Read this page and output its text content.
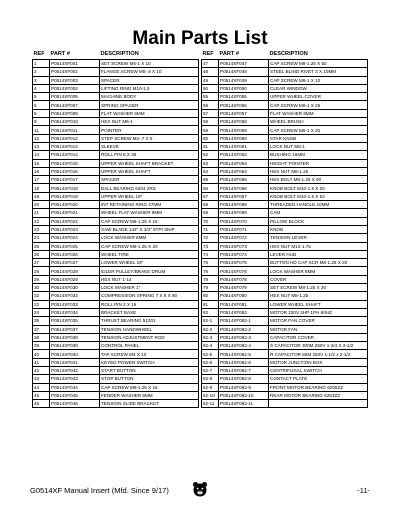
Main Parts List
REF	PART #	DESCRIPTION
1	P0514XF001	SET SCREW M6-1 X 10
2	P0514XF002	FLANGE SCREW M5-.8 X 10
3	P0514XF003	SPACER
4	P0514XF004	LIFTING RING M10-1.5
5	P0514XF005	MACHINE BODY
6	P0514XF007	SPRING SPACER
8	P0514XF008	FLAT WASHER 6MM
9	P0514XF010	HEX NUT M6-1
11	P0514XF011	POINTER
12	P0514XF012	STEP SCREW M4-.7 X 5
13	P0514XF013	SLEEVE
14	P0514XF014	ROLL PIN 5 X 36
15	P0514XF015	UPPER WHEEL SHAFT BRACKET
16	P0514XF016	UPPER WHEEL SHAFT
17	P0514XF017	SPACER
18	P0514XF018	BALL BEARING 6204 2RS
19	P0514XF019	UPPER WHEEL 19"
20	P0514XF020	INT RETAINING RING 47MM
21	P0514XF021	WHEEL FLAT WASHER 8MM
22	P0514XF022	CAP SCREW M8-1.25 X 16
23	P0514XF023	SAW BLADE 143" X 3/4" 6TPI SKIP
24	P0514XF024	LOCK WASHER 8MM
25	P0514XF025	CAP SCREW M8-1.25 X 20
26	P0514XF026	WHEEL TIRE
27	P0514XF027	LOWER WHEEL 19"
28	P0514XF028	IDLER PULLEY/BRAKE DRUM
29	P0514XF029	HEX NUT 1-14
30	P0514XF030	LOCK WASHER 1"
32	P0514XF032	COMPRESSION SPRING 7 X 8 X 90
33	P0514XF033	ROLL PIN 3 X 16
34	P0514XF034	BRACKET BASE
35	P0514XF035	THRUST BEARING 51201
37	P0514XF037	TENSION HANDWHEEL
38	P0514XF038	TENSION ADJUSTMENT ROD
39	P0514XF039	CONTROL PANEL
40	P0514XF040	TAP SCREW M4 X 10
41	P0514XF041	KEYED POWER SWITCH
42	P0514XF042	START BUTTON
43	P0514XF043	STOP BUTTON
44	P0514XF044	CAP SCREW M8-1.25 X 16
45	P0514XF045	FENDER WASHER 8MM
46	P0514XF046	TENSION SLIDE BRACKET
REF	PART #	DESCRIPTION
47	P0514XF047	CAP SCREW M8-1.25 X 50
48	P0514XF048	STEEL BLIND RIVET 3 X 10MM
49	P0514XF049	CAP SCREW M6-1 X 10
50	P0514XF050	CLEAR WINDOW
55	P0514XF055	UPPER WHEEL COVER
56	P0514XF056	CAP SCREW M6-1 X 25
57	P0514XF057	FLAT WASHER 6MM
58	P0514XF058	WHEEL BRUSH
59	P0514XF059	CAP SCREW M6-1 X 20
60	P0514XF060	STAR KNOB
61	P0514XF061	LOCK NUT M6-1
62	P0514XF062	BUSHING 16MM
63	P0514XF063	HEIGHT POINTER
64	P0514XF064	HEX NUT M8-1.25
65	P0514XF065	HEX BOLT M8-1.25 X 90
66	P0514XF066	KNOB BOLT M10-1.5 X 20
67	P0514XF067	KNOB BOLT M10-1.5 X 53
68	P0514XF068	THREADED HANDLE 10MM
69	P0514XF069	CAM
70	P0514XF070	PILLOW BLOCK
71	P0514XF071	KNOB
72	P0514XF072	TENSION LEVER
73	P0514XF073	HEX NUT M12-1.75
74	P0514XF074	LEVER HUB
75	P0514XF075	BUTTON HD CAP SCR M8-1.25 X 20
76	P0514XF076	LOCK WASHER 8MM
78	P0514XF078	COVER
79	P0514XF079	SET SCREW M8-1.25 X 20
80	P0514XF080	HEX NUT M8-1.25
81	P0514XF081	LOWER WHEEL SHAFT
82	P0514XF082	MOTOR 220V 3HP 1PH 60HZ
82-1	P0514XF082-1	MOTOR FAN COVER
82-2	P0514XF082-2	MOTOR FAN
82-3	P0514XF082-3	CAPACITOR COVER
82-4	P0514XF082-4	S CAPACITOR 300M 250V 1-3/4 X 2-1/2
82-5	P0514XF082-5	R CAPACITOR 60M 250V 1-1/2 x 2-1/2
82-6	P0514XF082-6	MOTOR JUNCTION BOX
82-7	P0514XF082-7	CENTRIFUGAL SWITCH
82-8	P0514XF082-8	CONTACT PLATE
82-9	P0514XF082-9	FRONT MOTOR BEARING 6205ZZ
82-10	P0514XF082-10	REAR MOTOR BEARING 6203ZZ
82-11	P0514XF082-11	
G0514XF Manual Insert (Mfd. Since 9/17)	-11-
